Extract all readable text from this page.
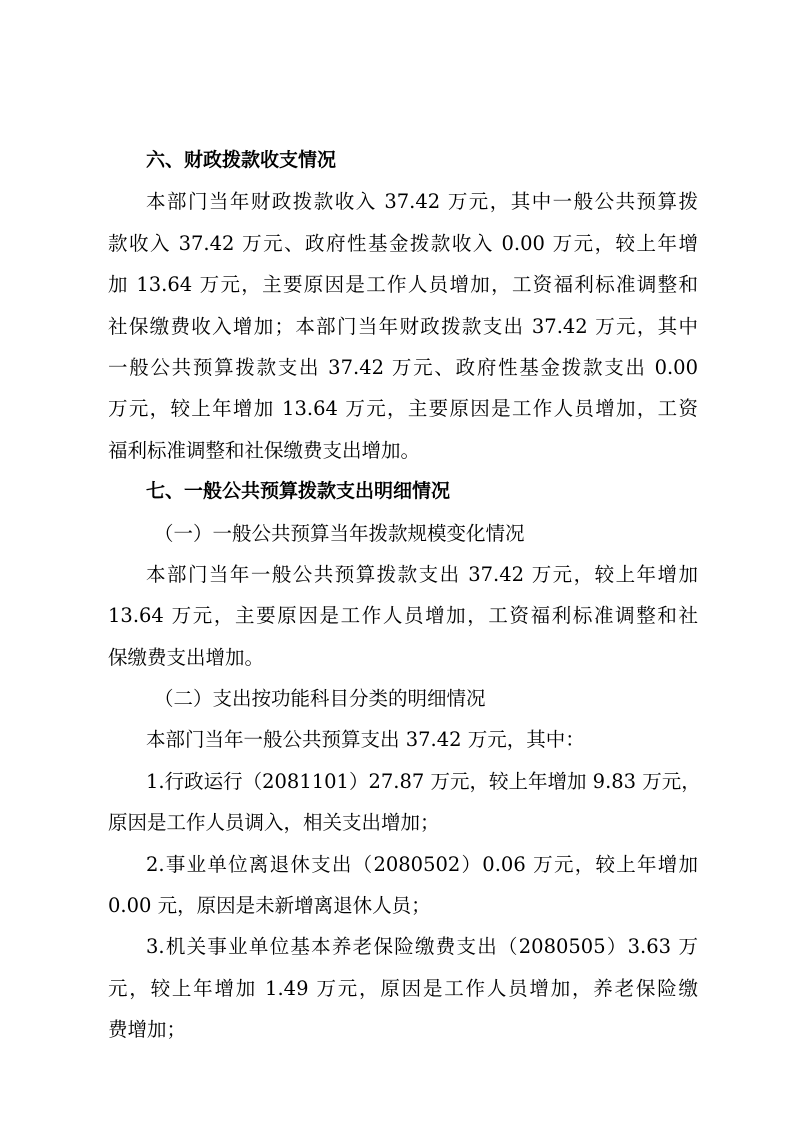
六、财政拨款收支情况
本部门当年财政拨款收入 37.42 万元，其中一般公共预算拨
款收入 37.42 万元、政府性基金拨款收入 0.00 万元，较上年增
加 13.64 万元，主要原因是工作人员增加，工资福利标准调整和
社保缴费收入增加；本部门当年财政拨款支出 37.42 万元，其中
一般公共预算拨款支出 37.42 万元、政府性基金拨款支出 0.00
万元，较上年增加 13.64 万元，主要原因是工作人员增加，工资
福利标准调整和社保缴费支出增加。
七、一般公共预算拨款支出明细情况
（一）一般公共预算当年拨款规模变化情况
本部门当年一般公共预算拨款支出 37.42 万元，较上年增加
13.64 万元，主要原因是工作人员增加，工资福利标准调整和社
保缴费支出增加。
（二）支出按功能科目分类的明细情况
本部门当年一般公共预算支出 37.42 万元，其中：
1.行政运行（2081101）27.87 万元，较上年增加 9.83 万元，
原因是工作人员调入，相关支出增加；
2.事业单位离退休支出（2080502）0.06 万元，较上年增加
0.00 元，原因是未新增离退休人员；
3.机关事业单位基本养老保险缴费支出（2080505）3.63 万
元，较上年增加 1.49 万元，原因是工作人员增加，养老保险缴
费增加；
